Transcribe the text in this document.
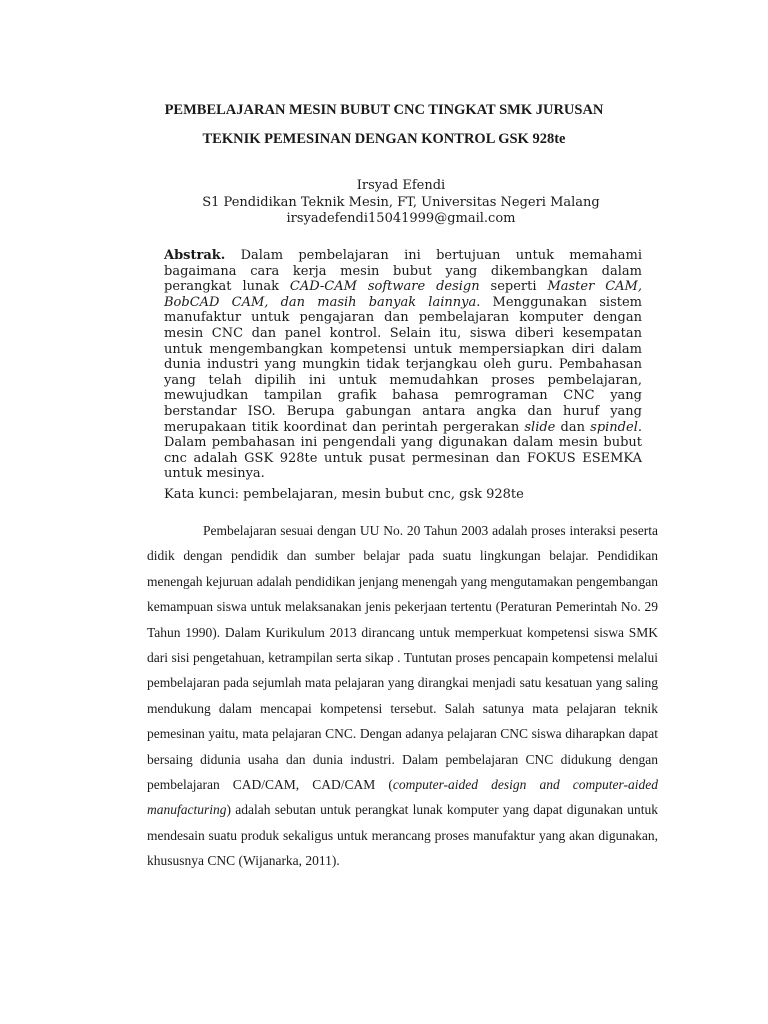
PEMBELAJARAN MESIN BUBUT CNC TINGKAT SMK JURUSAN
TEKNIK PEMESINAN DENGAN KONTROL GSK 928te
Irsyad Efendi
S1 Pendidikan Teknik Mesin, FT, Universitas Negeri Malang
irsyadefendi15041999@gmail.com
Abstrak. Dalam pembelajaran ini bertujuan untuk memahami bagaimana cara kerja mesin bubut yang dikembangkan dalam perangkat lunak CAD-CAM software design seperti Master CAM, BobCAD CAM, dan masih banyak lainnya. Menggunakan sistem manufaktur untuk pengajaran dan pembelajaran komputer dengan mesin CNC dan panel kontrol. Selain itu, siswa diberi kesempatan untuk mengembangkan kompetensi untuk mempersiapkan diri dalam dunia industri yang mungkin tidak terjangkau oleh guru. Pembahasan yang telah dipilih ini untuk memudahkan proses pembelajaran, mewujudkan tampilan grafik bahasa pemrograman CNC yang berstandar ISO. Berupa gabungan antara angka dan huruf yang merupakaan titik koordinat dan perintah pergerakan slide dan spindel. Dalam pembahasan ini pengendali yang digunakan dalam mesin bubut cnc adalah GSK 928te untuk pusat permesinan dan FOKUS ESEMKA untuk mesinya.
Kata kunci: pembelajaran, mesin bubut cnc, gsk 928te

Pembelajaran sesuai dengan UU No. 20 Tahun 2003 adalah proses interaksi peserta didik dengan pendidik dan sumber belajar pada suatu lingkungan belajar. Pendidikan menengah kejuruan adalah pendidikan jenjang menengah yang mengutamakan pengembangan kemampuan siswa untuk melaksanakan jenis pekerjaan tertentu (Peraturan Pemerintah No. 29 Tahun 1990). Dalam Kurikulum 2013 dirancang untuk memperkuat kompetensi siswa SMK dari sisi pengetahuan, ketrampilan serta sikap . Tuntutan proses pencapain kompetensi melalui pembelajaran pada sejumlah mata pelajaran yang dirangkai menjadi satu kesatuan yang saling mendukung dalam mencapai kompetensi tersebut. Salah satunya mata pelajaran teknik pemesinan yaitu, mata pelajaran CNC. Dengan adanya pelajaran CNC siswa diharapkan dapat bersaing didunia usaha dan dunia industri. Dalam pembelajaran CNC didukung dengan pembelajaran CAD/CAM, CAD/CAM (computer-aided design and computer-aided manufacturing) adalah sebutan untuk perangkat lunak komputer yang dapat digunakan untuk mendesain suatu produk sekaligus untuk merancang proses manufaktur yang akan digunakan, khususnya CNC (Wijanarka, 2011).
